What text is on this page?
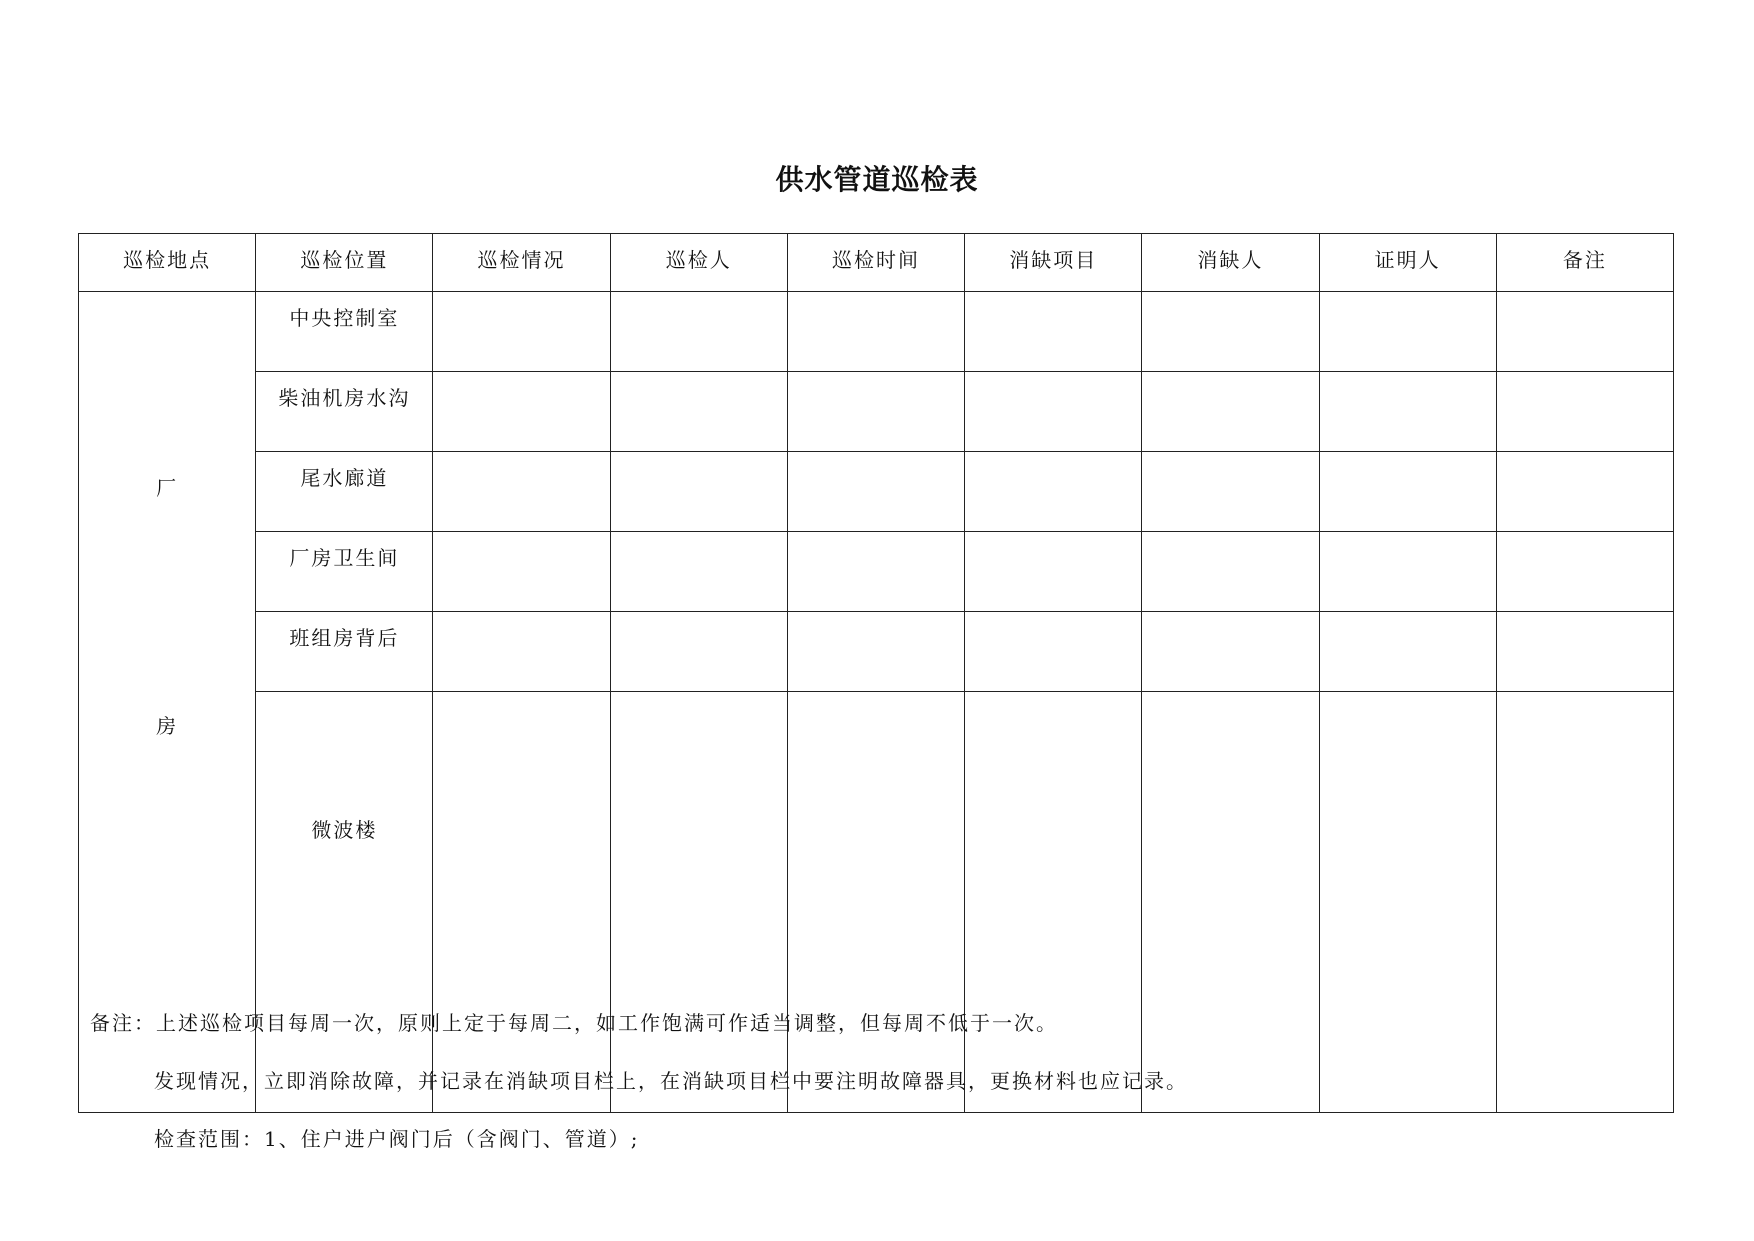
供水管道巡检表
巡检地点	巡检位置	巡检情况	巡检人	巡检时间	消缺项目	消缺人	证明人	备注

厂
房	中央控制室							
	柴油机房水沟							
	尾水廊道							
	厂房卫生间							
	班组房背后							
	微波楼							

备注：上述巡检项目每周一次，原则上定于每周二，如工作饱满可作适当调整，但每周不低于一次。

发现情况，立即消除故障，并记录在消缺项目栏上，在消缺项目栏中要注明故障器具，更换材料也应记录。

检查范围：1、住户进户阀门后（含阀门、管道）;
